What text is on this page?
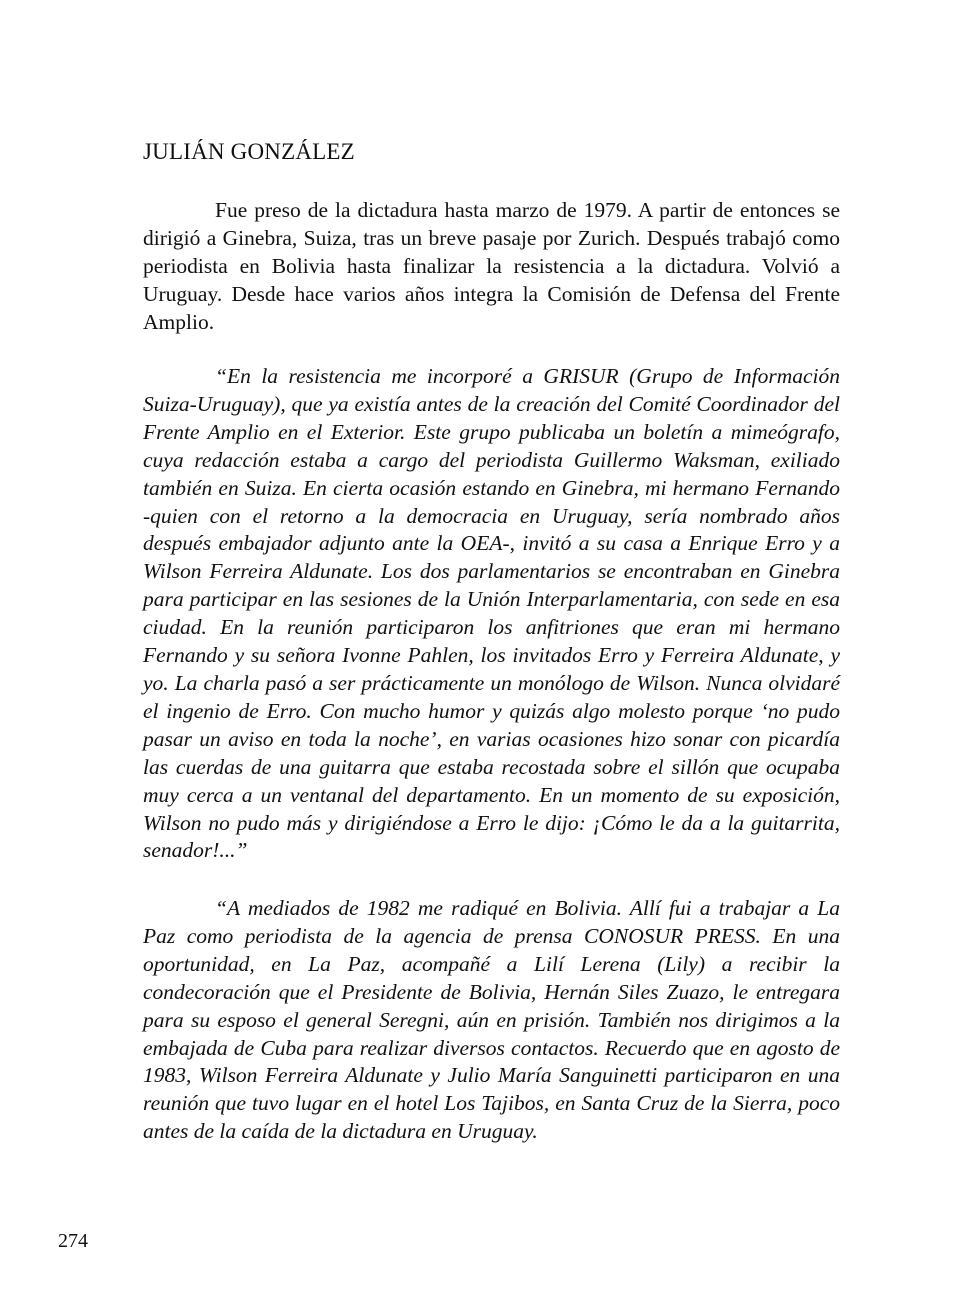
JULIÁN GONZÁLEZ

Fue preso de la dictadura hasta marzo de 1979. A partir de entonces se dirigió a Ginebra, Suiza, tras un breve pasaje por Zurich. Después trabajó como periodista en Bolivia hasta finalizar la resistencia a la dictadura. Volvió a Uruguay. Desde hace varios años integra la Comisión de Defensa del Frente Amplio.

“En la resistencia me incorporé a GRISUR (Grupo de Información Suiza-Uruguay), que ya existía antes de la creación del Comité Coordinador del Frente Amplio en el Exterior. Este grupo publicaba un boletín a mimeógrafo, cuya redacción estaba a cargo del periodista Guillermo Waksman, exiliado también en Suiza. En cierta ocasión estando en Ginebra, mi hermano Fernando -quien con el retorno a la democracia en Uruguay, sería nombrado años después embajador adjunto ante la OEA-, invitó a su casa a Enrique Erro y a Wilson Ferreira Aldunate. Los dos parlamentarios se encontraban en Ginebra para participar en las sesiones de la Unión Interparlamentaria, con sede en esa ciudad. En la reunión participaron los anfitriones que eran mi hermano Fernando y su señora Ivonne Pahlen, los invitados Erro y Ferreira Aldunate, y yo. La charla pasó a ser prácticamente un monólogo de Wilson. Nunca olvidaré el ingenio de Erro. Con mucho humor y quizás algo molesto porque ‘no pudo pasar un aviso en toda la noche’, en varias ocasiones hizo sonar con picardía las cuerdas de una guitarra que estaba recostada sobre el sillón que ocupaba muy cerca a un ventanal del departamento. En un momento de su exposición, Wilson no pudo más y dirigiéndose a Erro le dijo: ¡Cómo le da a la guitarrita, senador!...”

“A mediados de 1982 me radiqué en Bolivia. Allí fui a trabajar a La Paz como periodista de la agencia de prensa CONOSUR PRESS. En una oportunidad, en La Paz, acompañé a Lilí Lerena (Lily) a recibir la condecoración que el Presidente de Bolivia, Hernán Siles Zuazo, le entregara para su esposo el general Seregni, aún en prisión. También nos dirigimos a la embajada de Cuba para realizar diversos contactos. Recuerdo que en agosto de 1983, Wilson Ferreira Aldunate y Julio María Sanguinetti participaron en una reunión que tuvo lugar en el hotel Los Tajibos, en Santa Cruz de la Sierra, poco antes de la caída de la dictadura en Uruguay.

274
